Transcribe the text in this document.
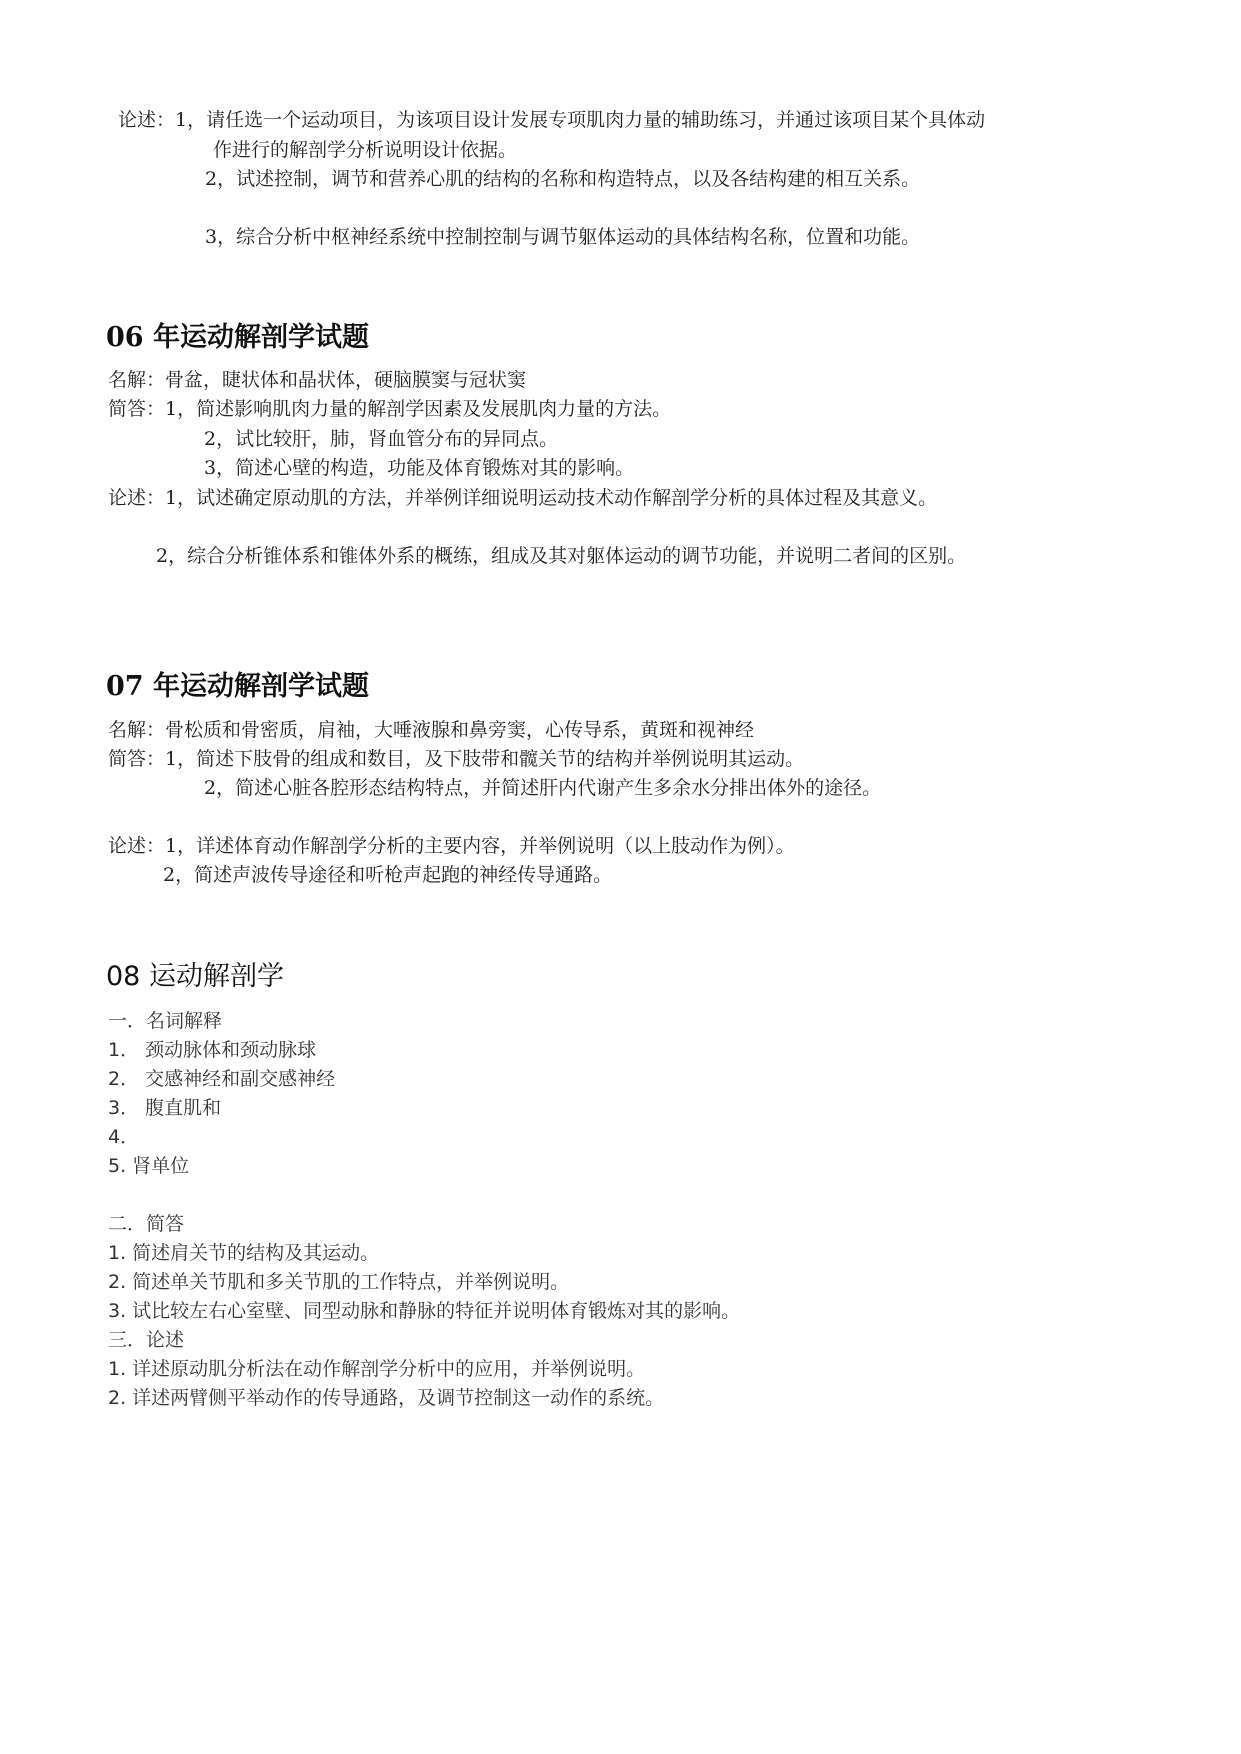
论述：1，请任选一个运动项目，为该项目设计发展专项肌肉力量的辅助练习，并通过该项目某个具体动
作进行的解剖学分析说明设计依据。
2，试述控制，调节和营养心肌的结构的名称和构造特点，以及各结构建的相互关系。
3，综合分析中枢神经系统中控制控制与调节躯体运动的具体结构名称，位置和功能。
06 年运动解剖学试题
名解：骨盆，睫状体和晶状体，硬脑膜窦与冠状窦
简答：1，简述影响肌肉力量的解剖学因素及发展肌肉力量的方法。
2，试比较肝，肺，肾血管分布的异同点。
3，简述心壁的构造，功能及体育锻炼对其的影响。
论述：1，试述确定原动肌的方法，并举例详细说明运动技术动作解剖学分析的具体过程及其意义。
2，综合分析锥体系和锥体外系的概练，组成及其对躯体运动的调节功能，并说明二者间的区别。
07 年运动解剖学试题
名解：骨松质和骨密质，肩袖，大唾液腺和鼻旁窦，心传导系，黄斑和视神经
简答：1，简述下肢骨的组成和数目，及下肢带和髋关节的结构并举例说明其运动。
2，简述心脏各腔形态结构特点，并简述肝内代谢产生多余水分排出体外的途径。
论述：1，详述体育动作解剖学分析的主要内容，并举例说明（以上肢动作为例）。
2，简述声波传导途径和听枪声起跑的神经传导通路。
08 运动解剖学
一．名词解释
1． 颈动脉体和颈动脉球
2． 交感神经和副交感神经
3． 腹直肌和
4．
5. 肾单位
二．简答
1. 简述肩关节的结构及其运动。
2. 简述单关节肌和多关节肌的工作特点，并举例说明。
3. 试比较左右心室壁、同型动脉和静脉的特征并说明体育锻炼对其的影响。
三．论述
1. 详述原动肌分析法在动作解剖学分析中的应用，并举例说明。
2. 详述两臂侧平举动作的传导通路，及调节控制这一动作的系统。
